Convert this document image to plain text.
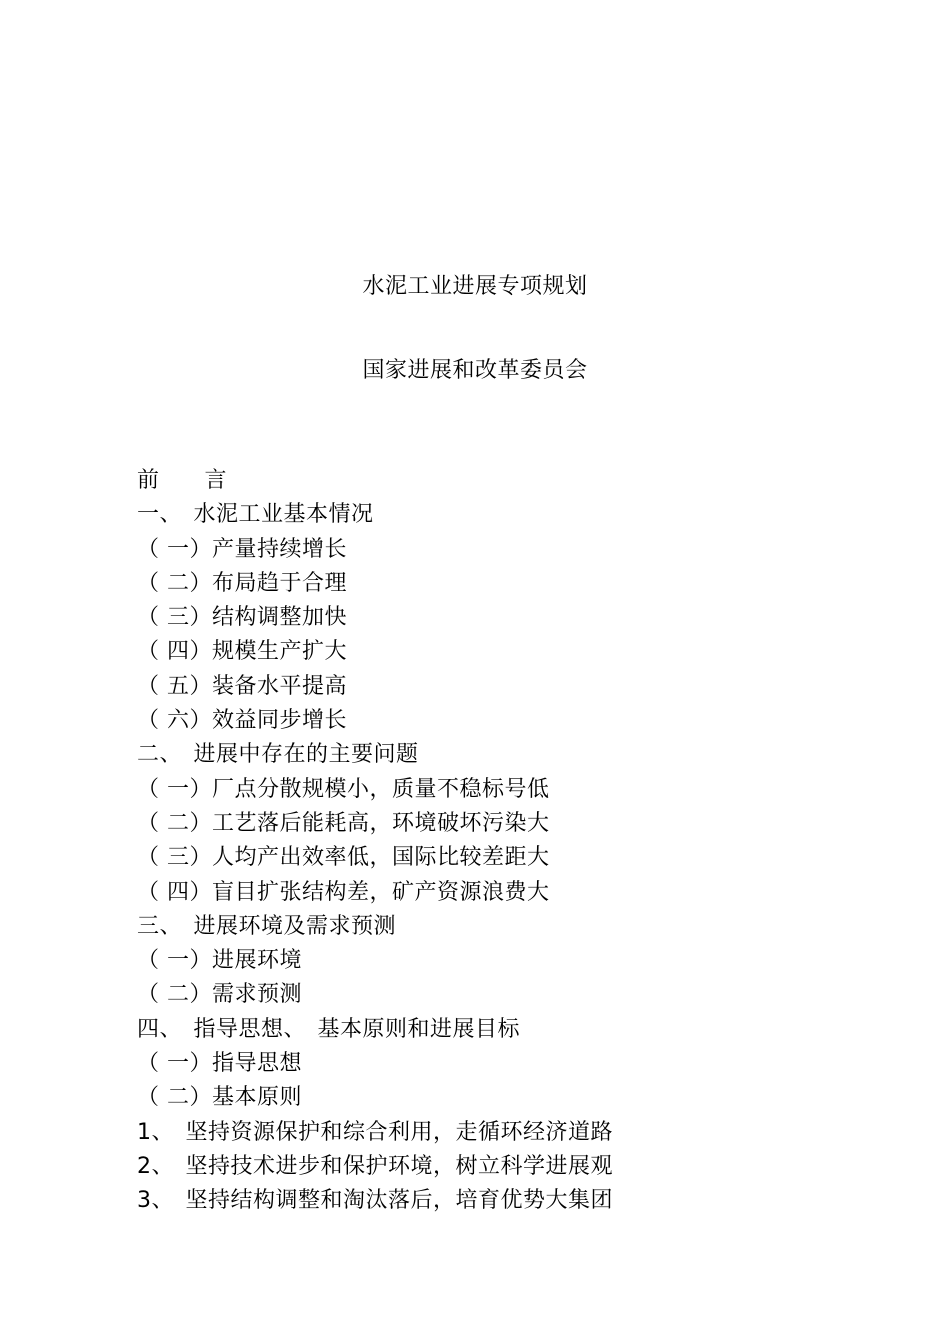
水泥工业进展专项规划
国家进展和改革委员会
前　　言
一、　水泥工业基本情况
（ 一）产量持续增长
（ 二）布局趋于合理
（ 三）结构调整加快
（ 四）规模生产扩大
（ 五）装备水平提高
（ 六）效益同步增长
二、　进展中存在的主要问题
（ 一）厂点分散规模小，质量不稳标号低
（ 二）工艺落后能耗高，环境破坏污染大
（ 三）人均产出效率低，国际比较差距大
（ 四）盲目扩张结构差，矿产资源浪费大
三、　进展环境及需求预测
（ 一）进展环境
（ 二）需求预测
四、　指导思想、　基本原则和进展目标
（ 一）指导思想
（ 二）基本原则
1、　坚持资源保护和综合利用，走循环经济道路
2、　坚持技术进步和保护环境，树立科学进展观
3、　坚持结构调整和淘汰落后，培育优势大集团
